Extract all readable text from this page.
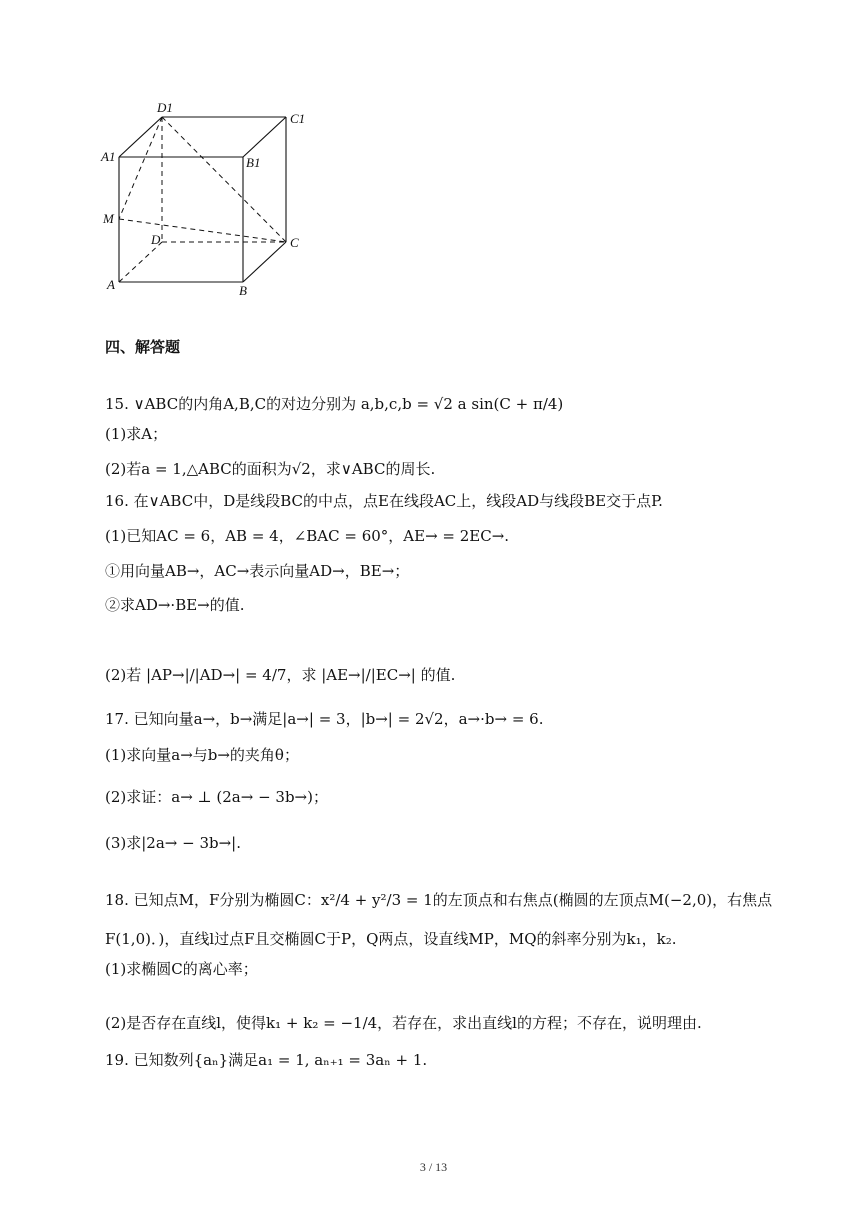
D1
C1
A1	B1
M
D	C
A	B
四、解答题
15. ∨ABC的内角A,B,C的对边分别为 a,b,c,b = √2 a sin(C + π/4)
(1)求A；
(2)若a = 1,△ABC的面积为√2，求∨ABC的周长.
16. 在∨ABC中，D是线段BC的中点，点E在线段AC上，线段AD与线段BE交于点P.
(1)已知AC = 6，AB = 4，∠BAC = 60°，AE→ = 2EC→.
①用向量AB→，AC→表示向量AD→，BE→；
②求AD→·BE→的值.
(2)若 |AP→|/|AD→| = 4/7，求 |AE→|/|EC→| 的值.
17. 已知向量a→，b→满足|a→| = 3，|b→| = 2√2，a→·b→ = 6.
(1)求向量a→与b→的夹角θ；
(2)求证：a→ ⊥ (2a→ − 3b→)；
(3)求|2a→ − 3b→|.
18. 已知点M，F分别为椭圆C：x²/4 + y²/3 = 1的左顶点和右焦点(椭圆的左顶点M(−2,0)，右焦点
F(1,0)．)，直线l过点F且交椭圆C于P，Q两点，设直线MP，MQ的斜率分别为k₁，k₂.
(1)求椭圆C的离心率；
(2)是否存在直线l，使得k₁ + k₂ = −1/4，若存在，求出直线l的方程；不存在，说明理由.
19. 已知数列{aₙ}满足a₁ = 1, aₙ₊₁ = 3aₙ + 1.
3 / 13
